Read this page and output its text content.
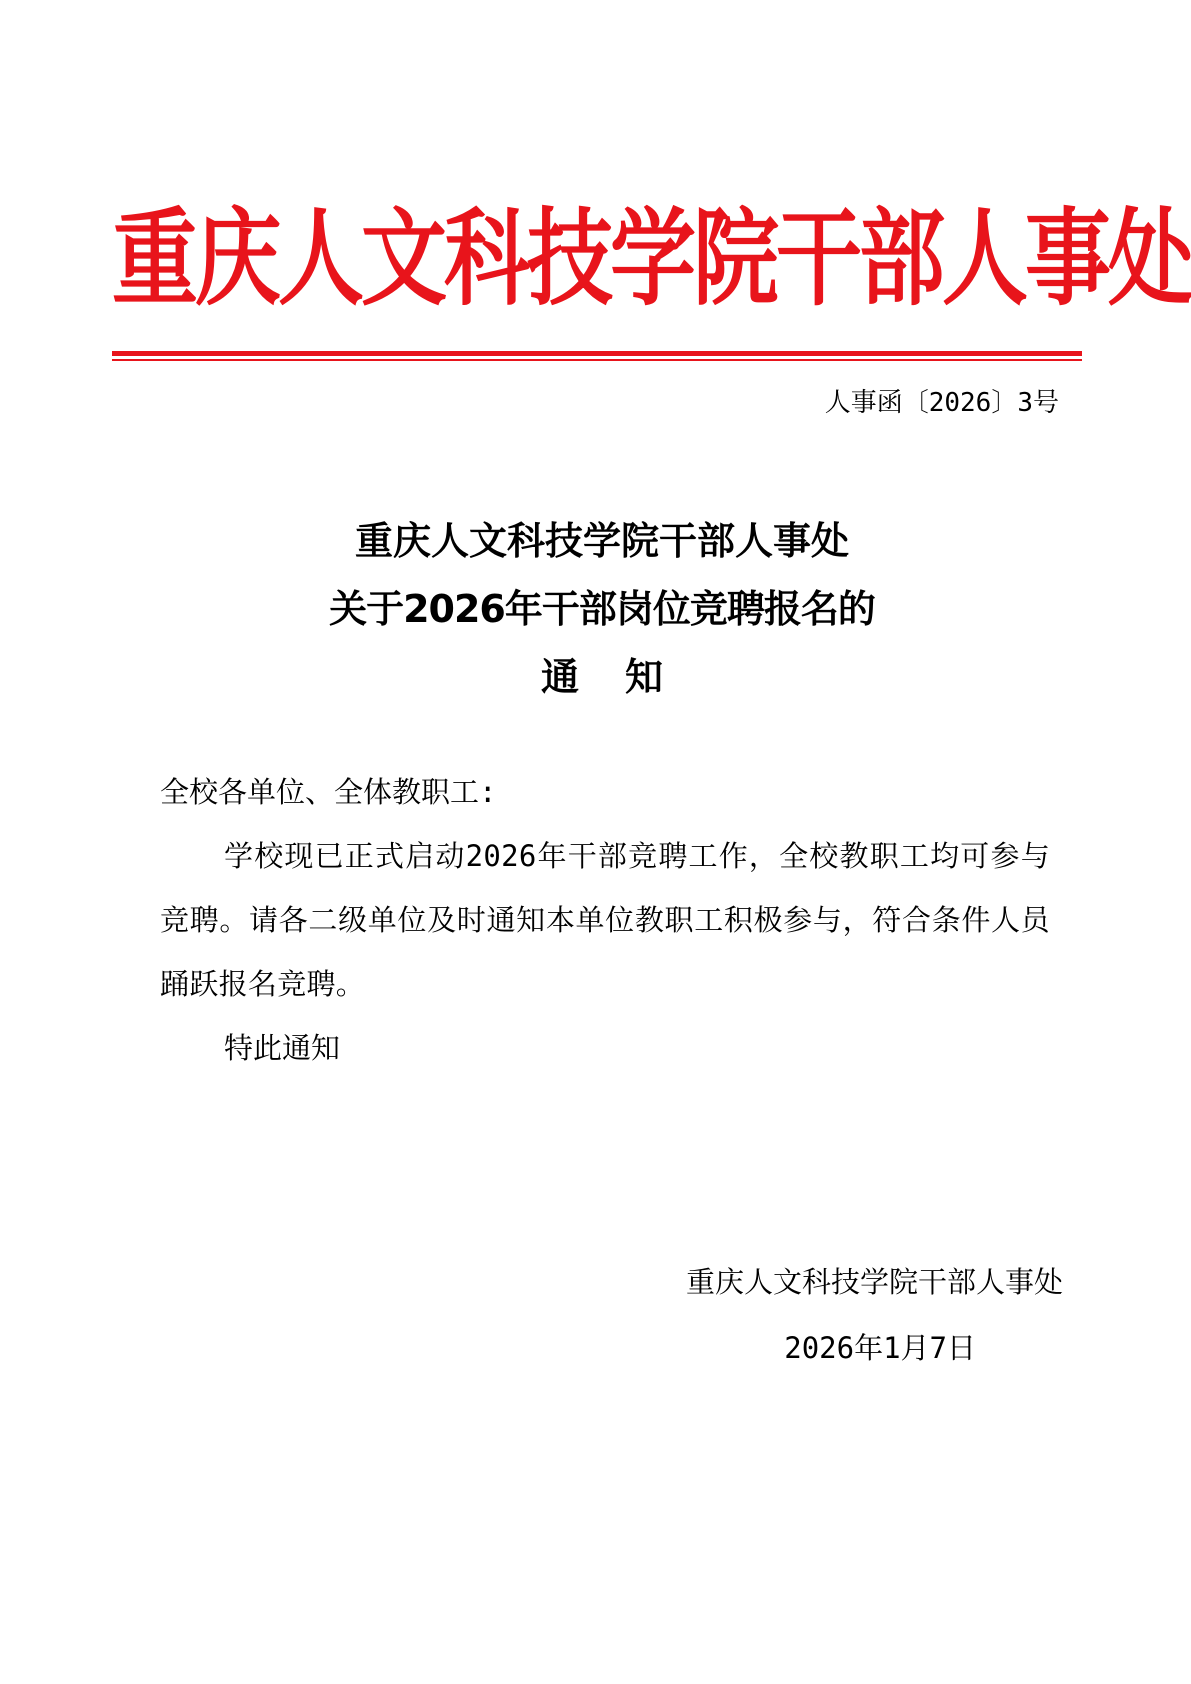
重庆人文科技学院干部人事处
人事函〔2026〕3号
重庆人文科技学院干部人事处
关于2026年干部岗位竞聘报名的
通知
全校各单位、全体教职工:
学校现已正式启动2026年干部竞聘工作，全校教职工均可参与竞聘。请各二级单位及时通知本单位教职工积极参与，符合条件人员踊跃报名竞聘。
特此通知
重庆人文科技学院干部人事处
2026年1月7日
